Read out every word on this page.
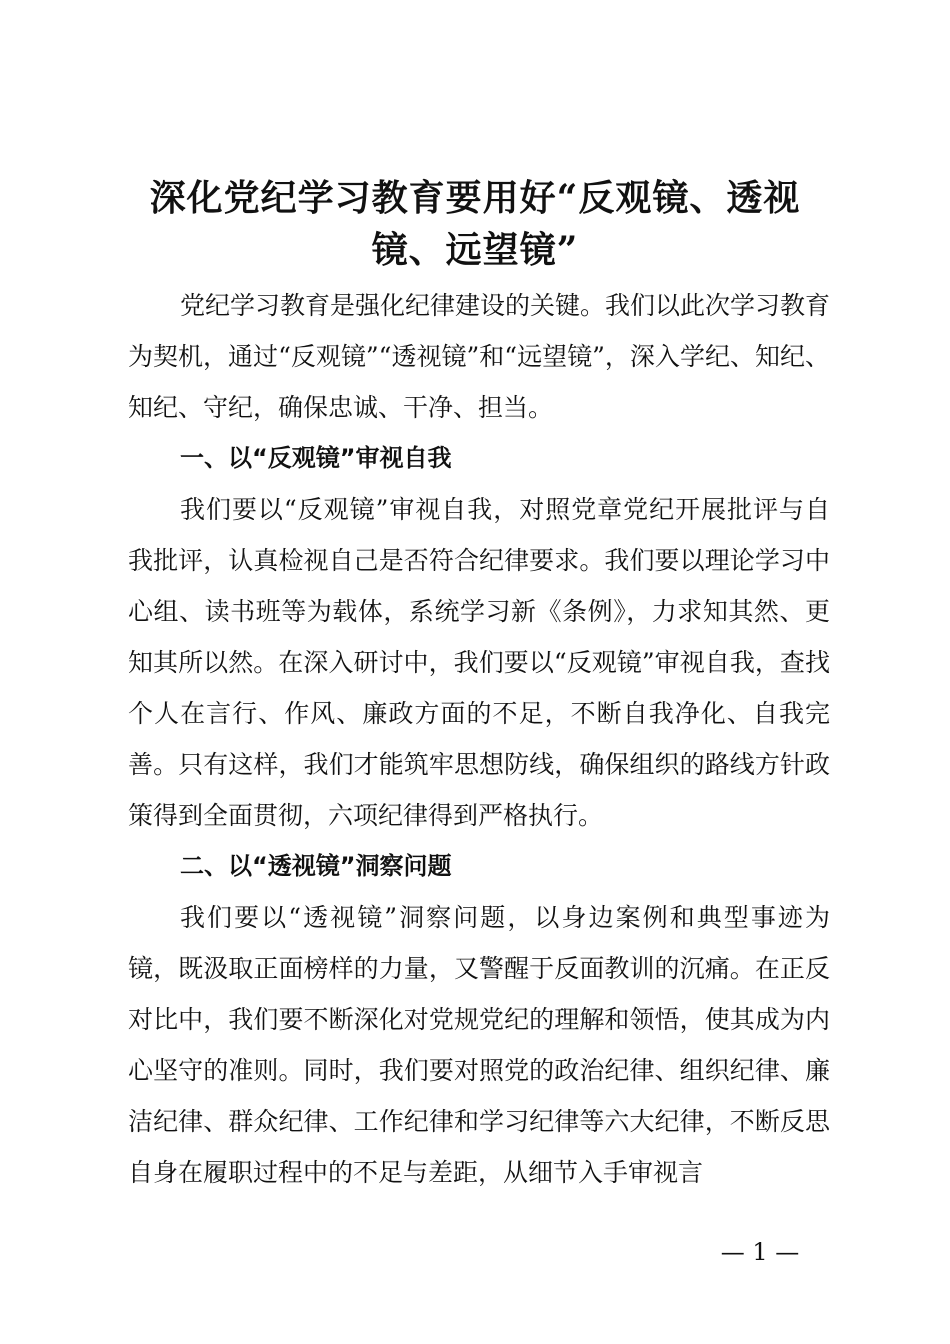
深化党纪学习教育要用好“反观镜、透视镜、远望镜”

党纪学习教育是强化纪律建设的关键。我们以此次学习教育为契机，通过“反观镜”“透视镜”和“远望镜”，深入学纪、知纪、知纪、守纪，确保忠诚、干净、担当。

一、以“反观镜”审视自我

我们要以“反观镜”审视自我，对照党章党纪开展批评与自我批评，认真检视自己是否符合纪律要求。我们要以理论学习中心组、读书班等为载体，系统学习新《条例》，力求知其然、更知其所以然。在深入研讨中，我们要以“反观镜”审视自我，查找个人在言行、作风、廉政方面的不足，不断自我净化、自我完善。只有这样，我们才能筑牢思想防线，确保组织的路线方针政策得到全面贯彻，六项纪律得到严格执行。

二、以“透视镜”洞察问题

我们要以“透视镜”洞察问题，以身边案例和典型事迹为镜，既汲取正面榜样的力量，又警醒于反面教训的沉痛。在正反对比中，我们要不断深化对党规党纪的理解和领悟，使其成为内心坚守的准则。同时，我们要对照党的政治纪律、组织纪律、廉洁纪律、群众纪律、工作纪律和学习纪律等六大纪律，不断反思自身在履职过程中的不足与差距，从细节入手审视言

— 1 —
